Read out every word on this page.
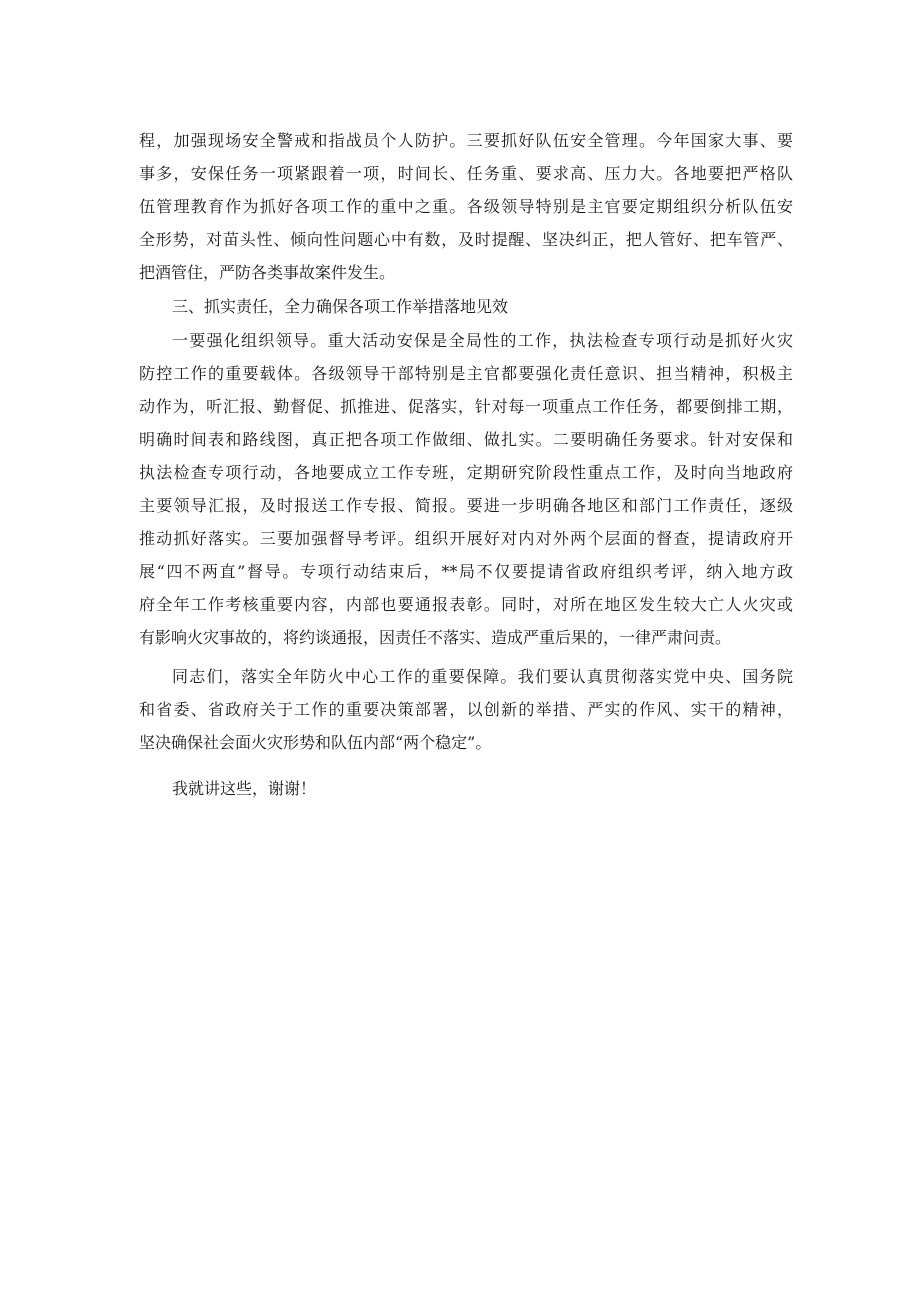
程，加强现场安全警戒和指战员个人防护。三要抓好队伍安全管理。今年国家大事、要
事多，安保任务一项紧跟着一项，时间长、任务重、要求高、压力大。各地要把严格队
伍管理教育作为抓好各项工作的重中之重。各级领导特别是主官要定期组织分析队伍安
全形势，对苗头性、倾向性问题心中有数，及时提醒、坚决纠正，把人管好、把车管严、
把酒管住，严防各类事故案件发生。
三、抓实责任，全力确保各项工作举措落地见效
一要强化组织领导。重大活动安保是全局性的工作，执法检查专项行动是抓好火灾
防控工作的重要载体。各级领导干部特别是主官都要强化责任意识、担当精神，积极主
动作为，听汇报、勤督促、抓推进、促落实，针对每一项重点工作任务，都要倒排工期，
明确时间表和路线图，真正把各项工作做细、做扎实。二要明确任务要求。针对安保和
执法检查专项行动，各地要成立工作专班，定期研究阶段性重点工作，及时向当地政府
主要领导汇报，及时报送工作专报、简报。要进一步明确各地区和部门工作责任，逐级
推动抓好落实。三要加强督导考评。组织开展好对内对外两个层面的督查，提请政府开
展“四不两直”督导。专项行动结束后，**局不仅要提请省政府组织考评，纳入地方政
府全年工作考核重要内容，内部也要通报表彰。同时，对所在地区发生较大亡人火灾或
有影响火灾事故的，将约谈通报，因责任不落实、造成严重后果的，一律严肃问责。
同志们，落实全年防火中心工作的重要保障。我们要认真贯彻落实党中央、国务院
和省委、省政府关于工作的重要决策部署，以创新的举措、严实的作风、实干的精神，
坚决确保社会面火灾形势和队伍内部“两个稳定”。
我就讲这些，谢谢！
